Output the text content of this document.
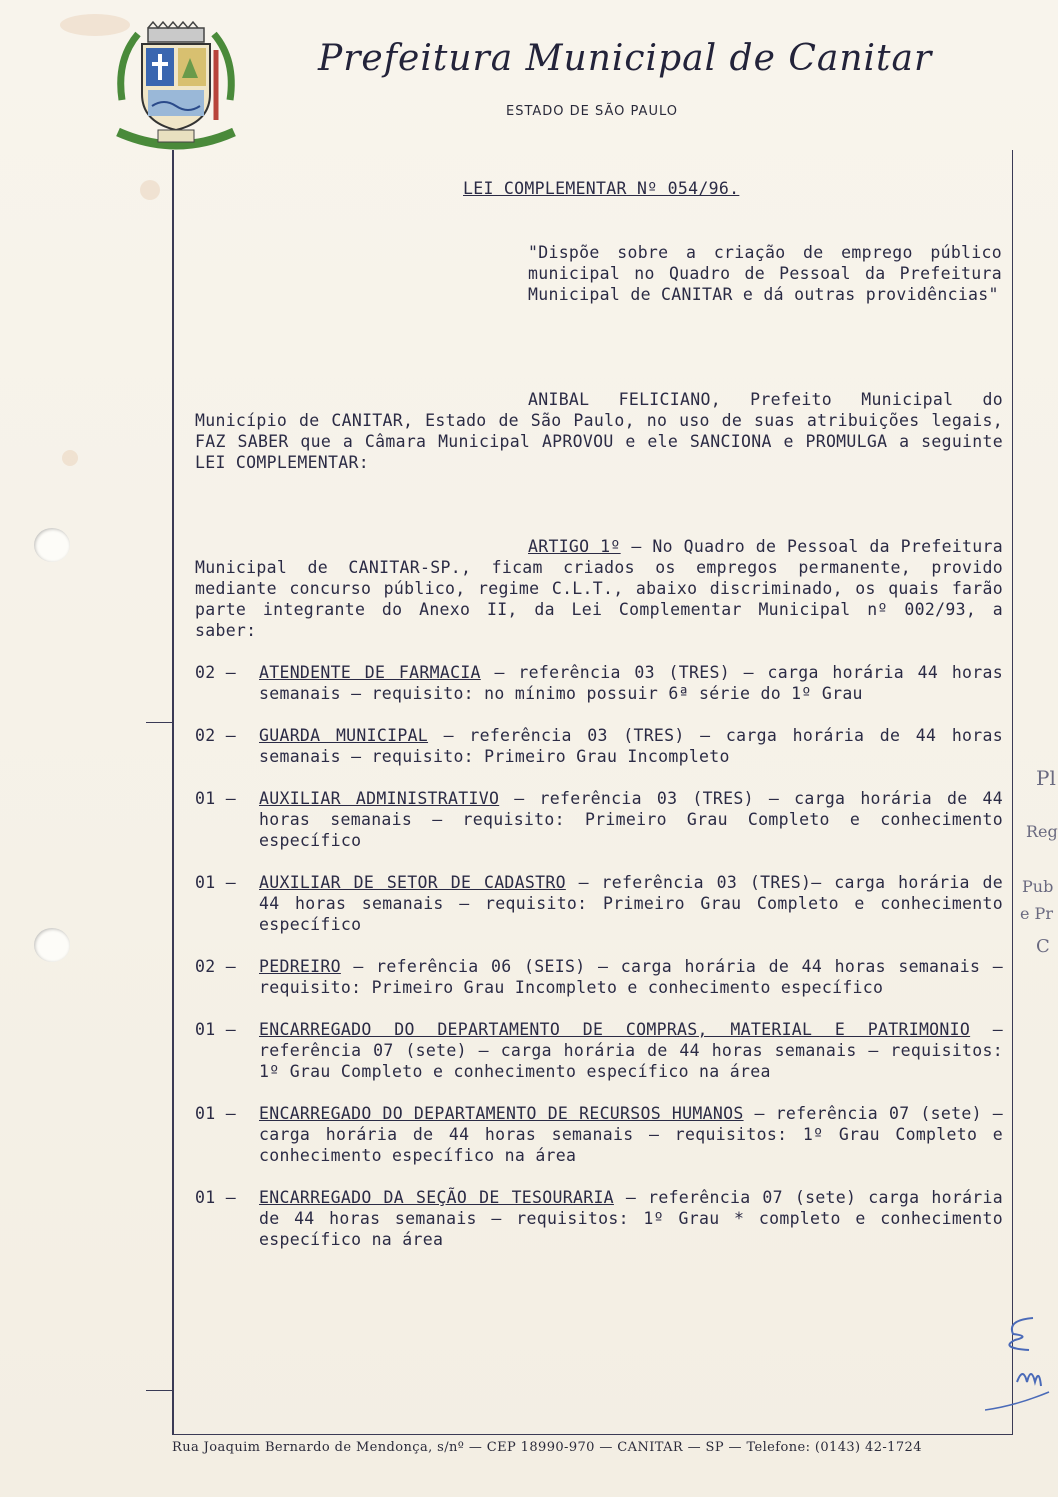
Prefeitura Municipal de Canitar
ESTADO DE SÃO PAULO
LEI COMPLEMENTAR Nº 054/96.
"Dispõe sobre a criação de emprego público municipal no Quadro de Pessoal da Prefeitura Municipal de CANITAR e dá outras providências"
ANIBAL FELICIANO, Prefeito Municipal do Município de CANITAR, Estado de São Paulo, no uso de suas atribuições legais, FAZ SABER que a Câmara Municipal APROVOU e ele SANCIONA e PROMULGA a seguinte LEI COMPLEMENTAR:
ARTIGO 1º – No Quadro de Pessoal da Prefeitura Municipal de CANITAR-SP., ficam criados os empregos permanente, provido mediante concurso público, regime C.L.T., abaixo discriminado, os quais farão parte integrante do Anexo II, da Lei Complementar Municipal nº 002/93, a saber:
02 –	ATENDENTE DE FARMACIA – referência 03 (TRES) – carga horária 44 horas semanais – requisito: no mínimo possuir 6ª série do 1º Grau
02 –	GUARDA MUNICIPAL – referência 03 (TRES) – carga horária de 44 horas semanais – requisito: Primeiro Grau Incompleto
01 –	AUXILIAR ADMINISTRATIVO – referência 03 (TRES) – carga horária de 44 horas semanais – requisito: Primeiro Grau Completo e conhecimento específico
01 –	AUXILIAR DE SETOR DE CADASTRO – referência 03 (TRES)– carga horária de 44 horas semanais – requisito: Primeiro Grau Completo e conhecimento específico
02 –	PEDREIRO – referência 06 (SEIS) – carga horária de 44 horas semanais – requisito: Primeiro Grau Incompleto e conhecimento específico
01 –	ENCARREGADO DO DEPARTAMENTO DE COMPRAS, MATERIAL E PATRIMONIO – referência 07 (sete) – carga horária de 44 horas semanais – requisitos: 1º Grau Completo e conhecimento específico na área
01 –	ENCARREGADO DO DEPARTAMENTO DE RECURSOS HUMANOS – referência 07 (sete) – carga horária de 44 horas semanais – requisitos: 1º Grau Completo e conhecimento específico na área
01 –	ENCARREGADO DA SEÇÃO DE TESOURARIA – referência 07 (sete) carga horária de 44 horas semanais – requisitos: 1º Grau * completo e conhecimento específico na área
Pl
Reg
Pub
e Pr
C
Rua Joaquim Bernardo de Mendonça, s/nº — CEP 18990-970 — CANITAR — SP — Telefone: (0143) 42-1724
